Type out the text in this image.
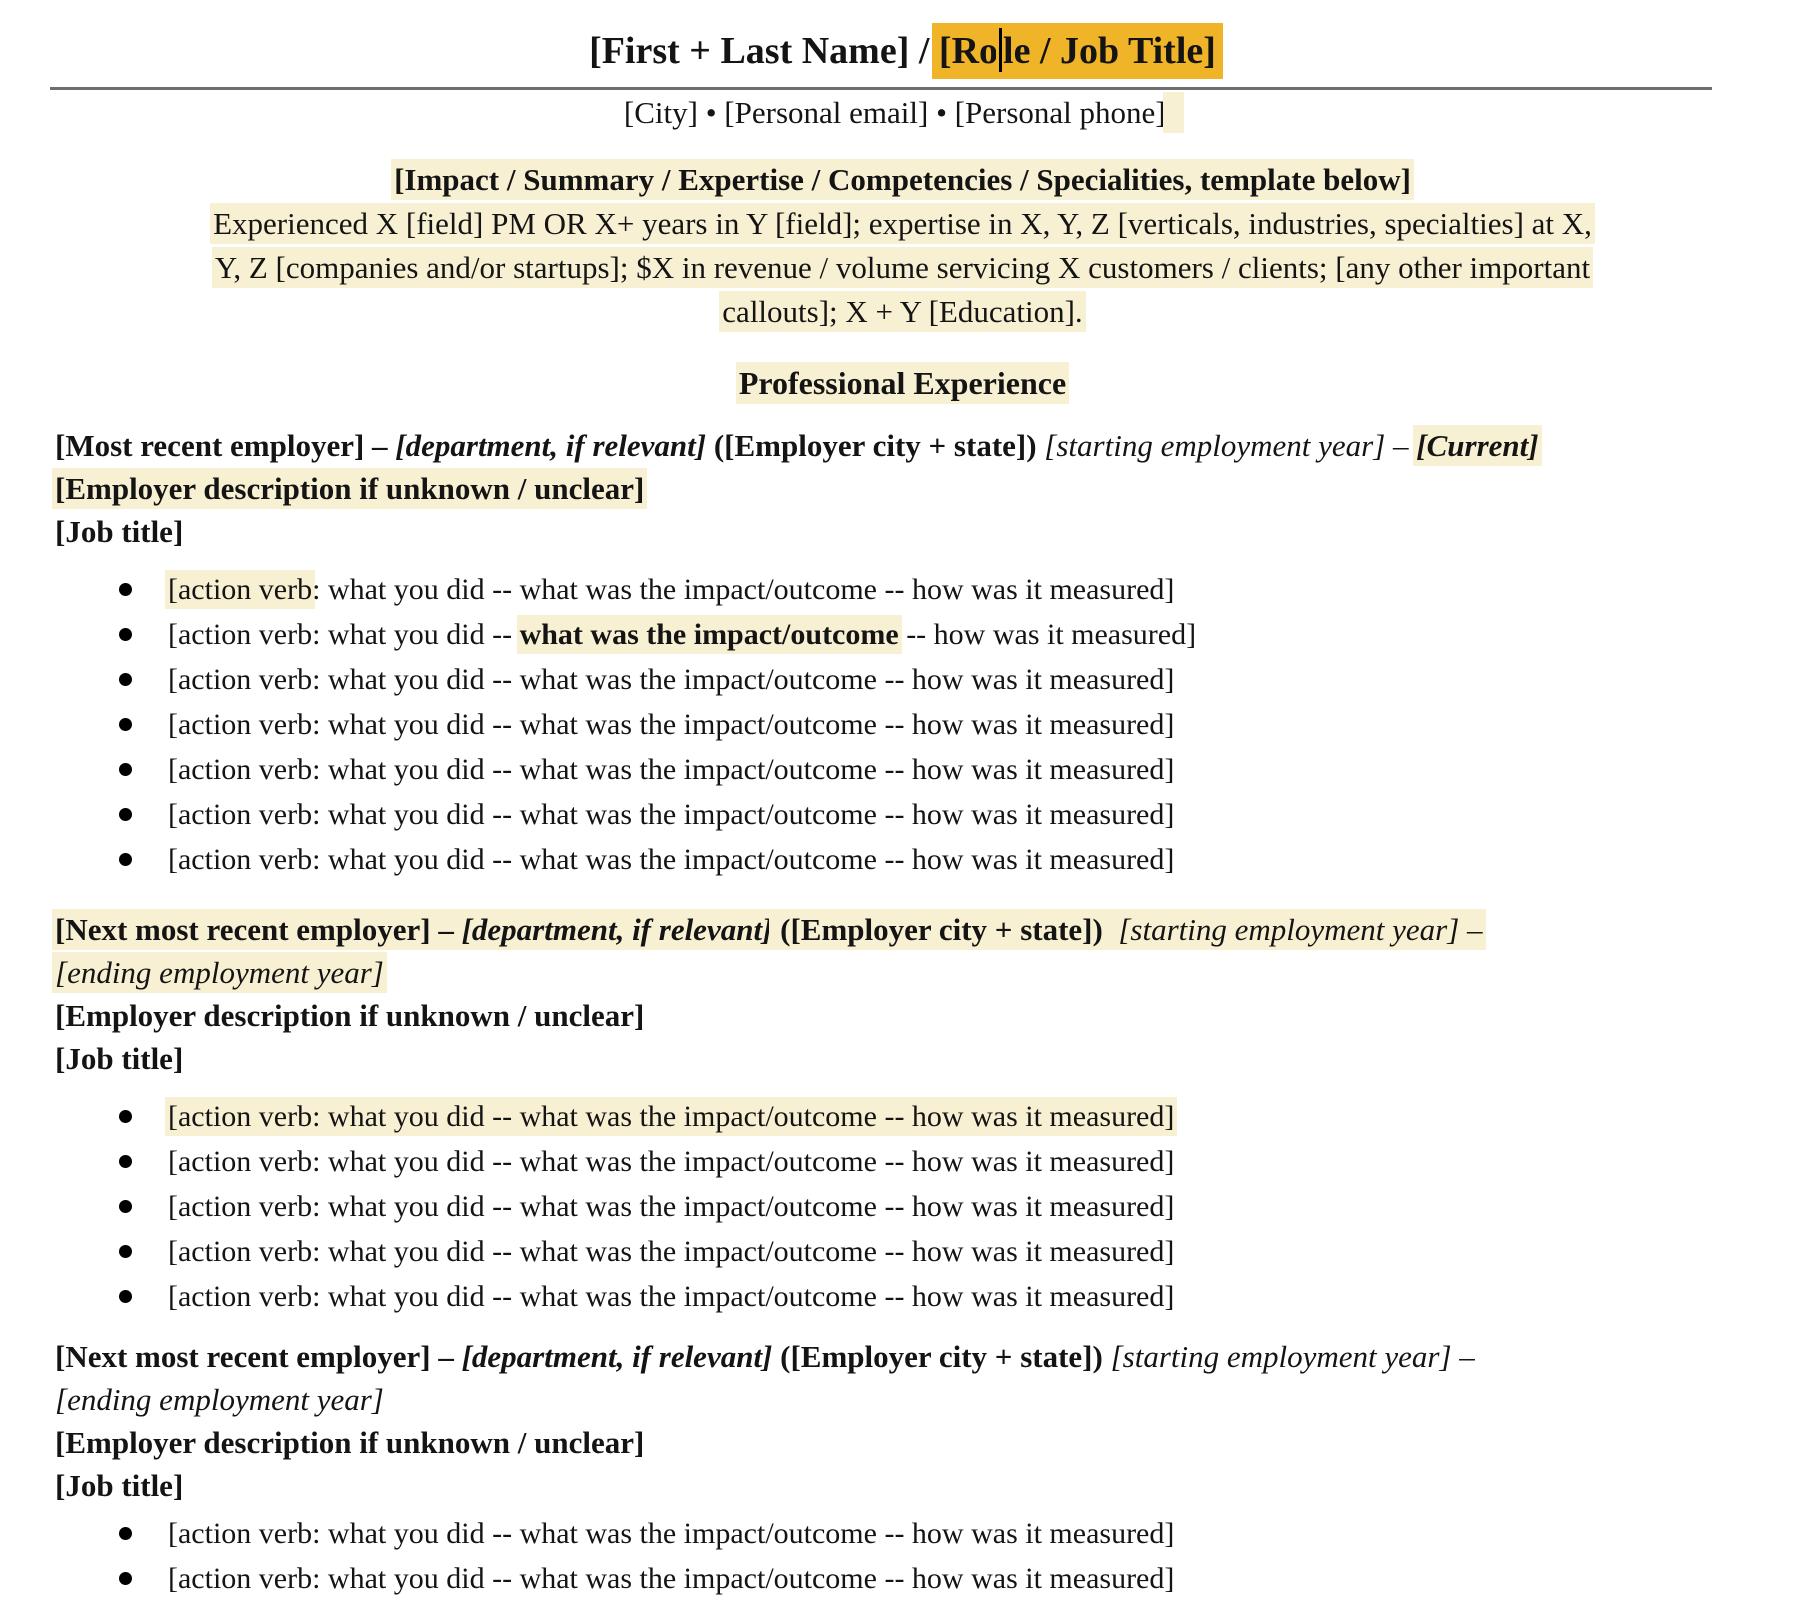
[First + Last Name] / [Ro le / Job Title]
[City] • [Personal email] • [Personal phone]
[Impact / Summary / Expertise / Competencies / Specialities, template below]
Experienced X [field] PM OR X+ years in Y [field]; expertise in X, Y, Z [verticals, industries, specialties] at X,
Y, Z [companies and/or startups]; $X in revenue / volume servicing X customers / clients; [any other important
callouts]; X + Y [Education].
Professional Experience
[Most recent employer] – [department, if relevant] ([Employer city + state]) [starting employment year] – [Current]
[Employer description if unknown / unclear]
[Job title]
[action verb: what you did -- what was the impact/outcome -- how was it measured]
[action verb: what you did -- what was the impact/outcome -- how was it measured]
[action verb: what you did -- what was the impact/outcome -- how was it measured]
[action verb: what you did -- what was the impact/outcome -- how was it measured]
[action verb: what you did -- what was the impact/outcome -- how was it measured]
[action verb: what you did -- what was the impact/outcome -- how was it measured]
[action verb: what you did -- what was the impact/outcome -- how was it measured]
[Next most recent employer] – [department, if relevant] ([Employer city + state])  [starting employment year] –
[ending employment year]
[Employer description if unknown / unclear]
[Job title]
[action verb: what you did -- what was the impact/outcome -- how was it measured]
[action verb: what you did -- what was the impact/outcome -- how was it measured]
[action verb: what you did -- what was the impact/outcome -- how was it measured]
[action verb: what you did -- what was the impact/outcome -- how was it measured]
[action verb: what you did -- what was the impact/outcome -- how was it measured]
[Next most recent employer] – [department, if relevant] ([Employer city + state]) [starting employment year] –
[ending employment year]
[Employer description if unknown / unclear]
[Job title]
[action verb: what you did -- what was the impact/outcome -- how was it measured]
[action verb: what you did -- what was the impact/outcome -- how was it measured]
